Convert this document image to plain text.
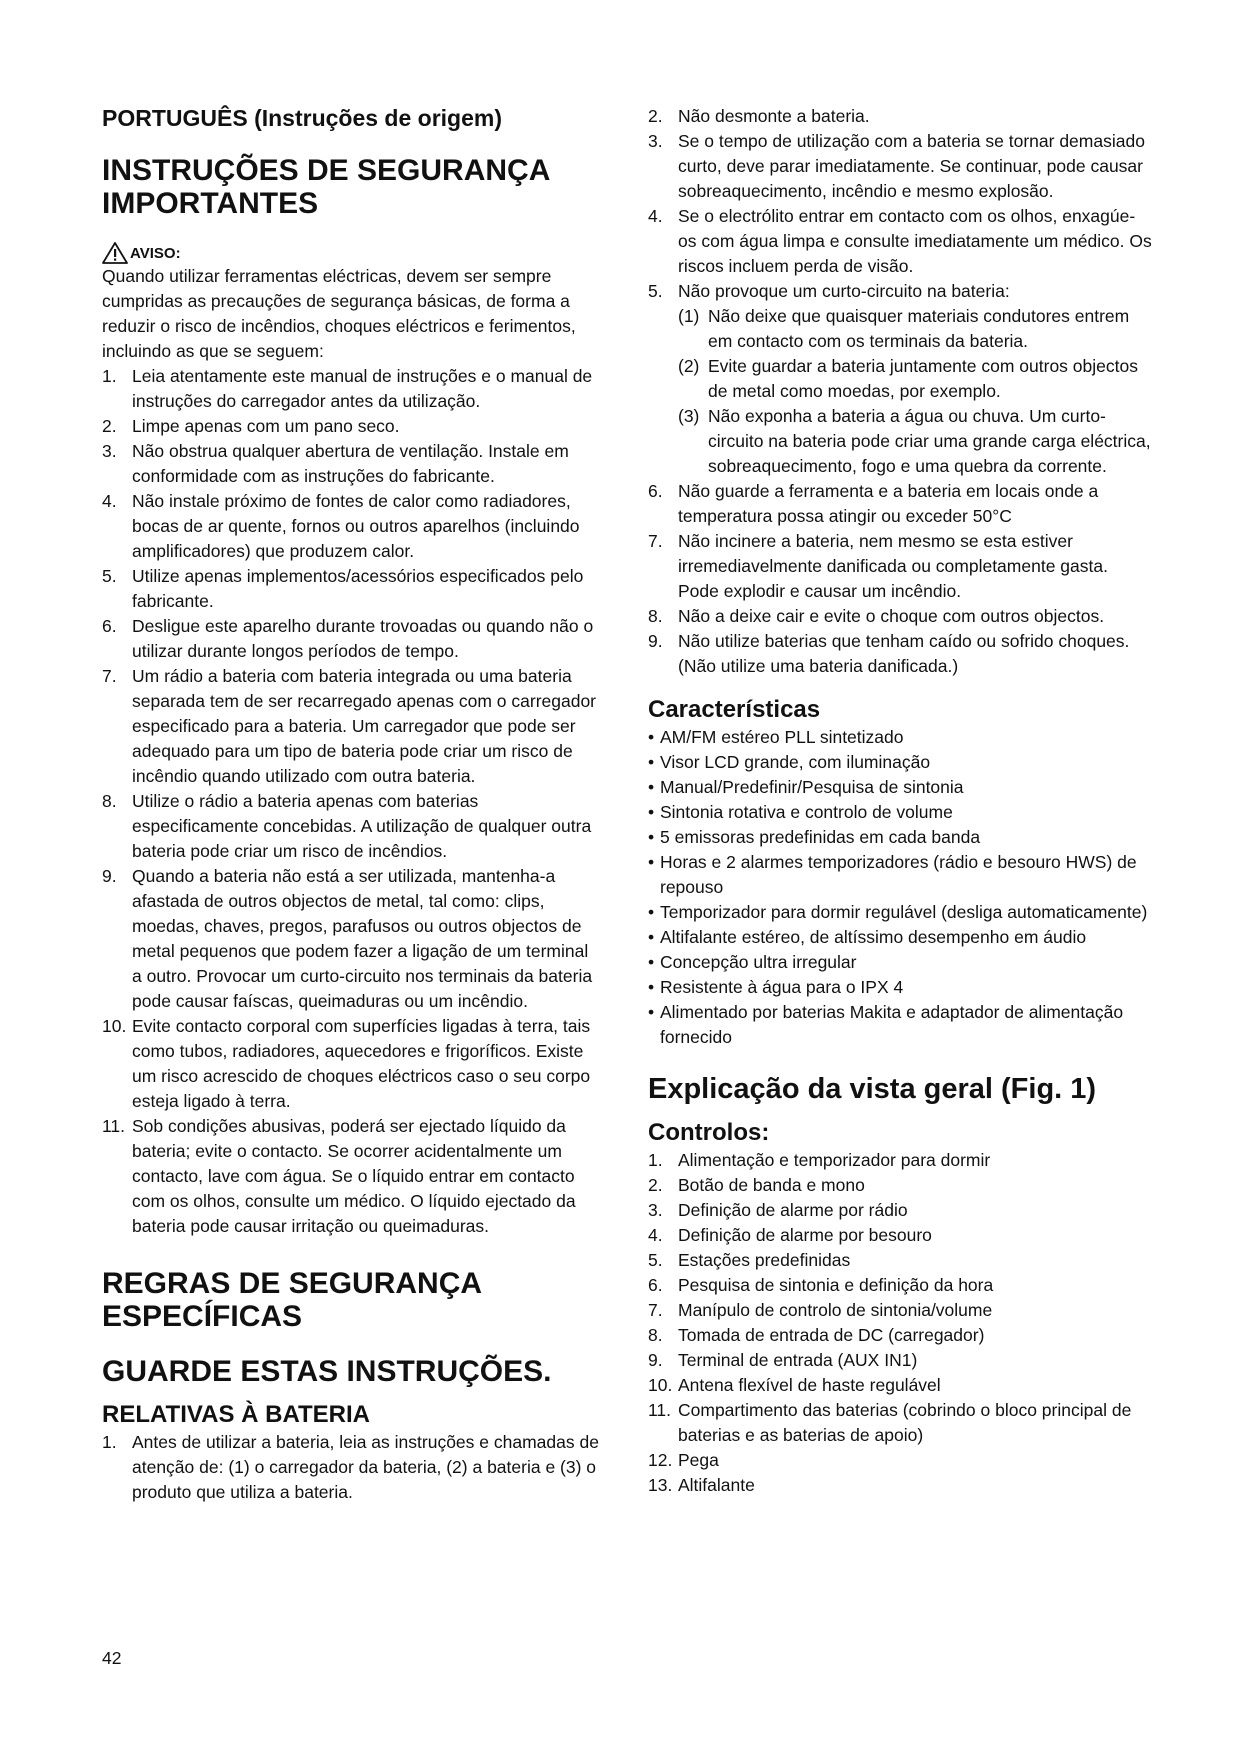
PORTUGUÊS (Instruções de origem)
INSTRUÇÕES DE SEGURANÇA
IMPORTANTES
AVISO:

Quando utilizar ferramentas eléctricas, devem ser sempre cumpridas as precauções de segurança básicas, de forma a reduzir o risco de incêndios, choques eléctricos e ferimentos, incluindo as que se seguem:

1. Leia atentamente este manual de instruções e o manual de instruções do carregador antes da utilização.
2. Limpe apenas com um pano seco.
3. Não obstrua qualquer abertura de ventilação. Instale em conformidade com as instruções do fabricante.
4. Não instale próximo de fontes de calor como radiadores, bocas de ar quente, fornos ou outros aparelhos (incluindo amplificadores) que produzem calor.
5. Utilize apenas implementos/acessórios especificados pelo fabricante.
6. Desligue este aparelho durante trovoadas ou quando não o utilizar durante longos períodos de tempo.
7. Um rádio a bateria com bateria integrada ou uma bateria separada tem de ser recarregado apenas com o carregador especificado para a bateria. Um carregador que pode ser adequado para um tipo de bateria pode criar um risco de incêndio quando utilizado com outra bateria.
8. Utilize o rádio a bateria apenas com baterias especificamente concebidas. A utilização de qualquer outra bateria pode criar um risco de incêndios.
9. Quando a bateria não está a ser utilizada, mantenha-a afastada de outros objectos de metal, tal como: clips, moedas, chaves, pregos, parafusos ou outros objectos de metal pequenos que podem fazer a ligação de um terminal a outro. Provocar um curto-circuito nos terminais da bateria pode causar faíscas, queimaduras ou um incêndio.
10. Evite contacto corporal com superfícies ligadas à terra, tais como tubos, radiadores, aquecedores e frigoríficos. Existe um risco acrescido de choques eléctricos caso o seu corpo esteja ligado à terra.
11. Sob condições abusivas, poderá ser ejectado líquido da bateria; evite o contacto. Se ocorrer acidentalmente um contacto, lave com água. Se o líquido entrar em contacto com os olhos, consulte um médico. O líquido ejectado da bateria pode causar irritação ou queimaduras.
REGRAS DE SEGURANÇA
ESPECÍFICAS
GUARDE ESTAS INSTRUÇÕES.
RELATIVAS À BATERIA
1. Antes de utilizar a bateria, leia as instruções e chamadas de atenção de: (1) o carregador da bateria, (2) a bateria e (3) o produto que utiliza a bateria.
2. Não desmonte a bateria.
3. Se o tempo de utilização com a bateria se tornar demasiado curto, deve parar imediatamente. Se continuar, pode causar sobreaquecimento, incêndio e mesmo explosão.
4. Se o electrólito entrar em contacto com os olhos, enxagúe-os com água limpa e consulte imediatamente um médico. Os riscos incluem perda de visão.
5. Não provoque um curto-circuito na bateria:
(1) Não deixe que quaisquer materiais condutores entrem em contacto com os terminais da bateria.
(2) Evite guardar a bateria juntamente com outros objectos de metal como moedas, por exemplo.
(3) Não exponha a bateria a água ou chuva. Um curto-circuito na bateria pode criar uma grande carga eléctrica, sobreaquecimento, fogo e uma quebra da corrente.
6. Não guarde a ferramenta e a bateria em locais onde a temperatura possa atingir ou exceder 50°C
7. Não incinere a bateria, nem mesmo se esta estiver irremediavelmente danificada ou completamente gasta. Pode explodir e causar um incêndio.
8. Não a deixe cair e evite o choque com outros objectos.
9. Não utilize baterias que tenham caído ou sofrido choques. (Não utilize uma bateria danificada.)
Características
• AM/FM estéreo PLL sintetizado
• Visor LCD grande, com iluminação
• Manual/Predefinir/Pesquisa de sintonia
• Sintonia rotativa e controlo de volume
• 5 emissoras predefinidas em cada banda
• Horas e 2 alarmes temporizadores (rádio e besouro HWS) de repouso
• Temporizador para dormir regulável (desliga automaticamente)
• Altifalante estéreo, de altíssimo desempenho em áudio
• Concepção ultra irregular
• Resistente à água para o IPX 4
• Alimentado por baterias Makita e adaptador de alimentação fornecido
Explicação da vista geral (Fig. 1)
Controlos:
1. Alimentação e temporizador para dormir
2. Botão de banda e mono
3. Definição de alarme por rádio
4. Definição de alarme por besouro
5. Estações predefinidas
6. Pesquisa de sintonia e definição da hora
7. Manípulo de controlo de sintonia/volume
8. Tomada de entrada de DC (carregador)
9. Terminal de entrada (AUX IN1)
10. Antena flexível de haste regulável
11. Compartimento das baterias (cobrindo o bloco principal de baterias e as baterias de apoio)
12. Pega
13. Altifalante
42
